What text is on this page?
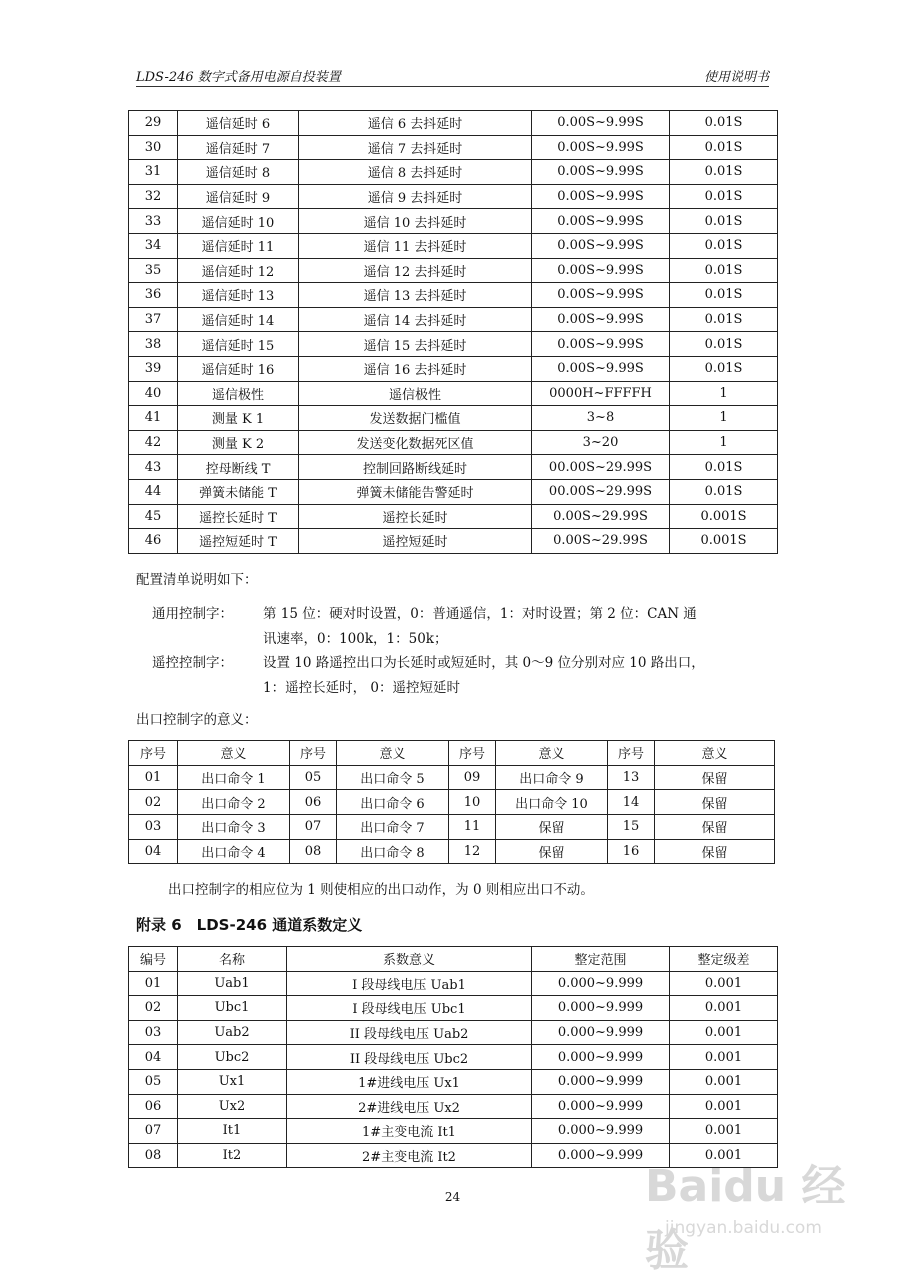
LDS-246 数字式备用电源自投装置	使用说明书
29	遥信延时 6	遥信 6 去抖延时	0.00S~9.99S	0.01S
30	遥信延时 7	遥信 7 去抖延时	0.00S~9.99S	0.01S
31	遥信延时 8	遥信 8 去抖延时	0.00S~9.99S	0.01S
32	遥信延时 9	遥信 9 去抖延时	0.00S~9.99S	0.01S
33	遥信延时 10	遥信 10 去抖延时	0.00S~9.99S	0.01S
34	遥信延时 11	遥信 11 去抖延时	0.00S~9.99S	0.01S
35	遥信延时 12	遥信 12 去抖延时	0.00S~9.99S	0.01S
36	遥信延时 13	遥信 13 去抖延时	0.00S~9.99S	0.01S
37	遥信延时 14	遥信 14 去抖延时	0.00S~9.99S	0.01S
38	遥信延时 15	遥信 15 去抖延时	0.00S~9.99S	0.01S
39	遥信延时 16	遥信 16 去抖延时	0.00S~9.99S	0.01S
40	遥信极性	遥信极性	0000H~FFFFH	1
41	测量 K 1	发送数据门槛值	3~8	1
42	测量 K 2	发送变化数据死区值	3~20	1
43	控母断线 T	控制回路断线延时	00.00S~29.99S	0.01S
44	弹簧未储能 T	弹簧未储能告警延时	00.00S~29.99S	0.01S
45	遥控长延时 T	遥控长延时	0.00S~29.99S	0.001S
46	遥控短延时 T	遥控短延时	0.00S~29.99S	0.001S
配置清单说明如下：
通用控制字： 第 15 位：硬对时设置，0：普通遥信，1：对时设置；第 2 位：CAN 通
讯速率，0：100k，1：50k；
遥控控制字： 设置 10 路遥控出口为长延时或短延时，其 0～9 位分别对应 10 路出口，
1：遥控长延时， 0：遥控短延时
出口控制字的意义：
序号	意义	序号	意义	序号	意义	序号	意义
01	出口命令 1	05	出口命令 5	09	出口命令 9	13	保留
02	出口命令 2	06	出口命令 6	10	出口命令 10	14	保留
03	出口命令 3	07	出口命令 7	11	保留	15	保留
04	出口命令 4	08	出口命令 8	12	保留	16	保留
出口控制字的相应位为 1 则使相应的出口动作，为 0 则相应出口不动。
附录 6　LDS-246 通道系数定义
编号	名称	系数意义	整定范围	整定级差
01	Uab1	I 段母线电压 Uab1	0.000~9.999	0.001
02	Ubc1	I 段母线电压 Ubc1	0.000~9.999	0.001
03	Uab2	II 段母线电压 Uab2	0.000~9.999	0.001
04	Ubc2	II 段母线电压 Ubc2	0.000~9.999	0.001
05	Ux1	1#进线电压 Ux1	0.000~9.999	0.001
06	Ux2	2#进线电压 Ux2	0.000~9.999	0.001
07	It1	1#主变电流 It1	0.000~9.999	0.001
08	It2	2#主变电流 It2	0.000~9.999	0.001
24	Baidu 经验
jingyan.baidu.com
